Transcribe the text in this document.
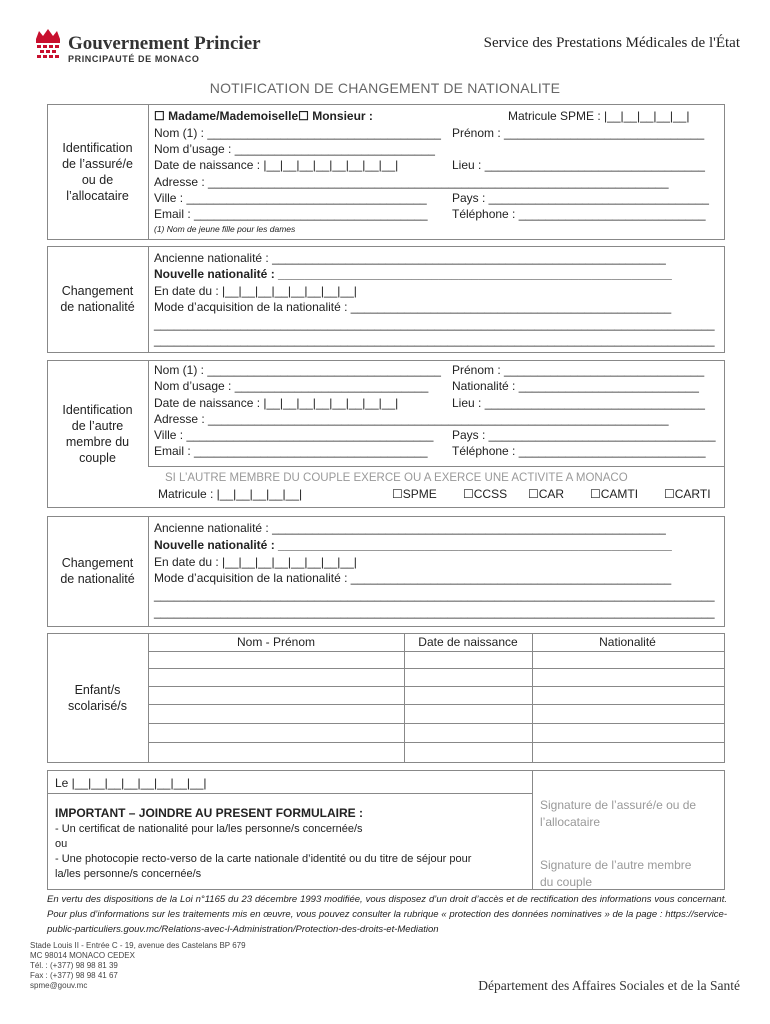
Gouvernement Princier
PRINCIPAUTÉ DE MONACO
Service des Prestations Médicales de l'État
NOTIFICATION DE CHANGEMENT DE NATIONALITE
Identification
de l’assuré/e
ou de
l’allocataire
☐ Madame/Mademoiselle☐ Monsieur :	Matricule SPME : |__|__|__|__|__|
Nom (1) : ___________________________________ Prénom : ______________________________
Nom d’usage : ______________________________
Date de naissance : |__|__|__|__|__|__|__|__|	Lieu : _________________________________
Adresse : _____________________________________________________________________
Ville : ____________________________________ Pays : _________________________________
Email : ___________________________________ Téléphone : ____________________________
(1) Nom de jeune fille pour les dames
Changement
de nationalité
Ancienne nationalité : ___________________________________________________________
Nouvelle nationalité : ___________________________________________________________
En date du : |__|__|__|__|__|__|__|__|
Mode d’acquisition de la nationalité : ________________________________________________
____________________________________________________________________________________
____________________________________________________________________________________
Identification
de l’autre
membre du
couple
Nom (1) : ___________________________________ Prénom : ______________________________
Nom d’usage : _____________________________ Nationalité : ___________________________
Date de naissance : |__|__|__|__|__|__|__|__|	Lieu : _________________________________
Adresse : _____________________________________________________________________
Ville : _____________________________________ Pays : __________________________________
Email : ___________________________________ Téléphone : ____________________________
SI L’AUTRE MEMBRE DU COUPLE EXERCE OU A EXERCE UNE ACTIVITE A MONACO
Matricule : |__|__|__|__|__|	☐SPME ☐CCSS ☐CAR ☐CAMTI ☐CARTI
Changement
de nationalité
Ancienne nationalité : ___________________________________________________________
Nouvelle nationalité : ___________________________________________________________
En date du : |__|__|__|__|__|__|__|__|
Mode d’acquisition de la nationalité : ________________________________________________
____________________________________________________________________________________
____________________________________________________________________________________
Nom - Prénom	Date de naissance	Nationalité
Enfant/s
scolarisé/s
Le |__|__|__|__|__|__|__|__|
IMPORTANT – JOINDRE AU PRESENT FORMULAIRE :
- Un certificat de nationalité pour la/les personne/s concernée/s
ou
- Une photocopie recto-verso de la carte nationale d’identité ou du titre de séjour pour
la/les personne/s concernée/s
Signature de l’assuré/e ou de
l’allocataire
Signature de l’autre membre
du couple
En vertu des dispositions de la Loi n°1165 du 23 décembre 1993 modifiée, vous disposez d’un droit d’accès et de rectification des informations vous concernant. Pour plus d’informations sur les traitements mis en œuvre, vous pouvez consulter la rubrique « protection des données nominatives » de la page : https://service-public-particuliers.gouv.mc/Relations-avec-l-Administration/Protection-des-droits-et-Mediation
Stade Louis II - Entrée C - 19, avenue des Castelans BP 679
MC 98014 MONACO CEDEX
Tél. : (+377) 98 98 81 39
Fax : (+377) 98 98 41 67
spme@gouv.mc	Département des Affaires Sociales et de la Santé
